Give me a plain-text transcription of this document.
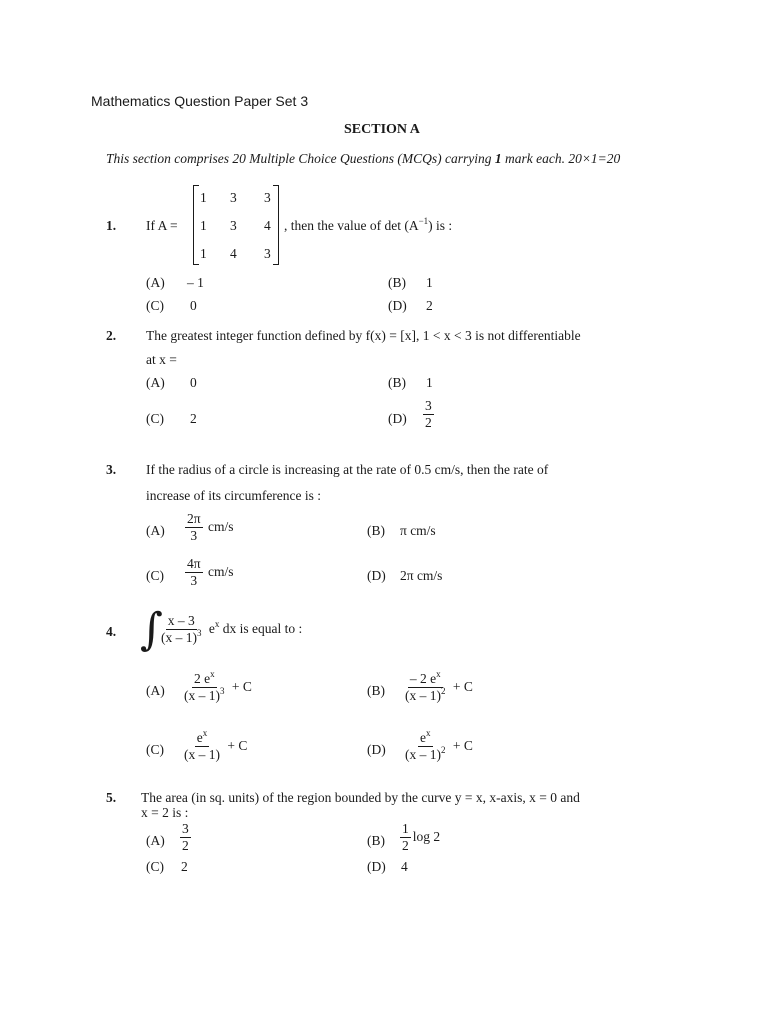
Mathematics Question Paper Set 3
SECTION A
This section comprises 20 Multiple Choice Questions (MCQs) carrying 1 mark each. 20×1=20
1. If A =
1 3 3
1 3 4
1 4 3
, then the value of $\det (A^{-1})$ is :
(A) – 1	(B) 1
(C) 0	(D) 2
2. The greatest integer function defined by f(x) = [x], 1 < x < 3 is not differentiable
at x =
(A) 0	(B) 1
(C) 2	$(D) \frac{3}{2}$
3. If the radius of a circle is increasing at the rate of 0.5 cm/s, then the rate of
increase of its circumference is :
$(A) \frac{2\pi}{3} cm/s$	(B) π cm/s
$(C) \frac{4\pi}{3} cm/s$	(D) 2π cm/s
4. ∫
$\frac{x - 3}{(x - 1)^3} e^x$ dx is equal to :
$(A) \frac{2 e^x}{(x - 1)^3} + C$	$(B) \frac{- 2 e^x}{(x - 1)^2} + C$
$(C) \frac{e^x}{(x - 1)} + C$	$(D) \frac{e^x}{(x - 1)^2} + C$
5. The area (in sq. units) of the region bounded by the curve y = x, x-axis, x = 0 and
x = 2 is :
$(A) \frac{3}{2}$	$(B) \frac{1}{2}$ log 2
(C) 2	(D) 4
